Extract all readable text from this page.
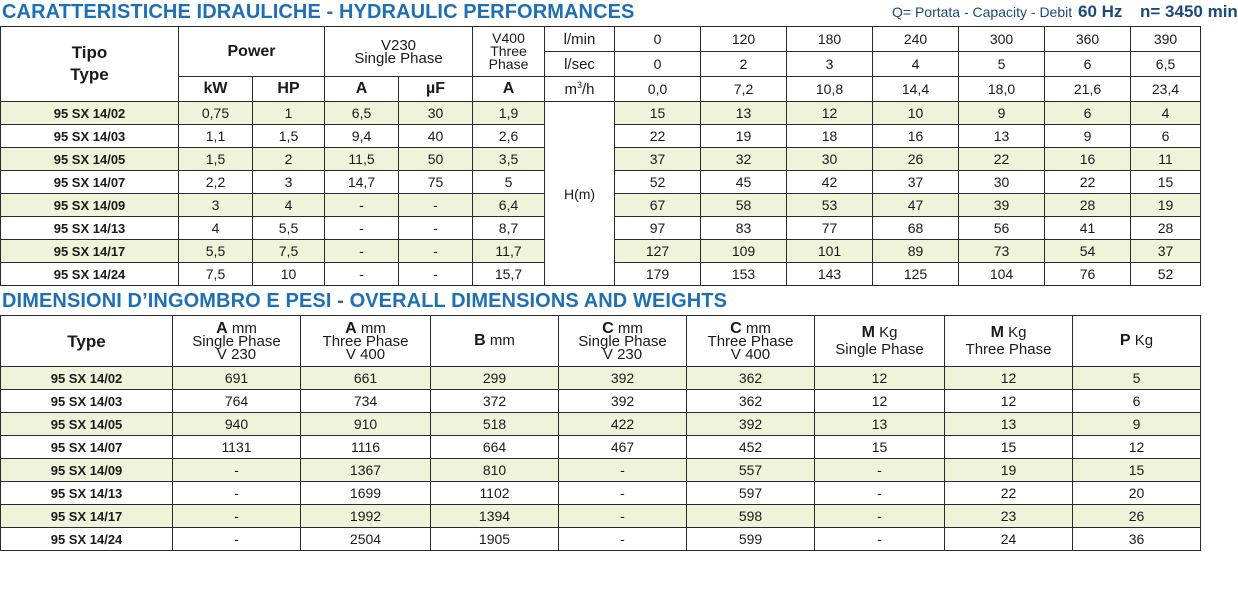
CARATTERISTICHE IDRAULICHE - HYDRAULIC PERFORMANCES	Q= Portata - Capacity - Debit 60 Hz n= 3450 min
Tipo
Type	Power		V230
Single Phase		V400
Three
Phase	l/min	0	120	180	240	300	360	390
						l/sec	0	2	3	4	5	6	6,5
	kW	HP	A	µF	A	$m^3/h$	0,0	7,2	10,8	14,4	18,0	21,6	23,4
95 SX 14/02	0,75	1	6,5	30	1,9	H(m)	15	13	12	10	9	6	4
95 SX 14/03	1,1	1,5	9,4	40	2,6		22	19	18	16	13	9	6
95 SX 14/05	1,5	2	11,5	50	3,5		37	32	30	26	22	16	11
95 SX 14/07	2,2	3	14,7	75	5		52	45	42	37	30	22	15
95 SX 14/09	3	4	-	-	6,4		67	58	53	47	39	28	19
95 SX 14/13	4	5,5	-	-	8,7		97	83	77	68	56	41	28
95 SX 14/17	5,5	7,5	-	-	11,7		127	109	101	89	73	54	37
95 SX 14/24	7,5	10	-	-	15,7		179	153	143	125	104	76	52
DIMENSIONI D’INGOMBRO E PESI - OVERALL DIMENSIONS AND WEIGHTS
Type	A mm
Single Phase
V 230	A mm
Three Phase
V 400	B mm	C mm
Single Phase
V 230	C mm
Three Phase
V 400	M Kg
Single Phase	M Kg
Three Phase	P Kg
95 SX 14/02	691	661	299	392	362	12	12	5
95 SX 14/03	764	734	372	392	362	12	12	6
95 SX 14/05	940	910	518	422	392	13	13	9
95 SX 14/07	1131	1116	664	467	452	15	15	12
95 SX 14/09	-	1367	810	-	557	-	19	15
95 SX 14/13	-	1699	1102	-	597	-	22	20
95 SX 14/17	-	1992	1394	-	598	-	23	26
95 SX 14/24	-	2504	1905	-	599	-	24	36
